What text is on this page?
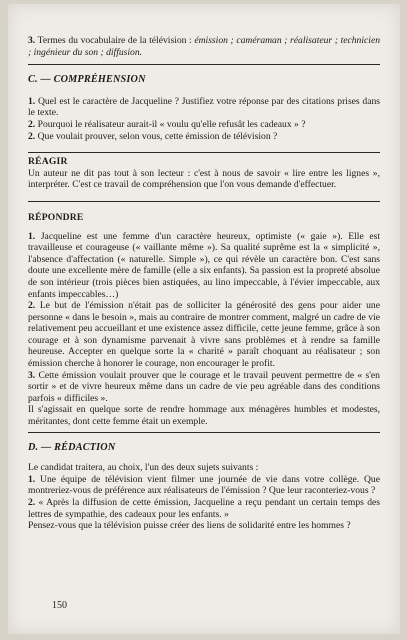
3. Termes du vocabulaire de la télévision : émission ; caméraman ; réalisateur ; technicien ; ingénieur du son ; diffusion.

C. — COMPRÉHENSION

1. Quel est le caractère de Jacqueline ? Justifiez votre réponse par des citations prises dans le texte.

2. Pourquoi le réalisateur aurait-il « voulu qu'elle refusât les cadeaux » ?

2. Que voulait prouver, selon vous, cette émission de télévision ?

RÉAGIR

Un auteur ne dit pas tout à son lecteur : c'est à nous de savoir « lire entre les lignes », interpréter. C'est ce travail de compréhension que l'on vous demande d'effectuer.

RÉPONDRE

1. Jacqueline est une femme d'un caractère heureux, optimiste (« gaie »). Elle est travailleuse et courageuse (« vaillante même »). Sa qualité suprême est la « simplicité », l'absence d'affectation (« naturelle. Simple »), ce qui révèle un caractère bon. C'est sans doute une excellente mère de famille (elle a six enfants). Sa passion est la propreté absolue de son intérieur (trois pièces bien astiquées, au lino impeccable, à l'évier impeccable, aux enfants impeccables…)

2. Le but de l'émission n'était pas de solliciter la générosité des gens pour aider une personne « dans le besoin », mais au contraire de montrer comment, malgré un cadre de vie relativement peu accueillant et une existence assez difficile, cette jeune femme, grâce à son courage et à son dynamisme parvenait à vivre sans problèmes et à rendre sa famille heureuse. Accepter en quelque sorte la « charité » paraît choquant au réalisateur ; son émission cherche à honorer le courage, non encourager le profit.

3. Cette émission voulait prouver que le courage et le travail peuvent permettre de « s'en sortir » et de vivre heureux même dans un cadre de vie peu agréable dans des conditions parfois « difficiles ».

Il s'agissait en quelque sorte de rendre hommage aux ménagères humbles et modestes, méritantes, dont cette femme était un exemple.

D. — RÉDACTION

Le candidat traitera, au choix, l'un des deux sujets suivants :

1. Une équipe de télévision vient filmer une journée de vie dans votre collège. Que montreriez-vous de préférence aux réalisateurs de l'émission ? Que leur raconteriez-vous ?

2. « Après la diffusion de cette émission, Jacqueline a reçu pendant un certain temps des lettres de sympathie, des cadeaux pour les enfants. »

Pensez-vous que la télévision puisse créer des liens de solidarité entre les hommes ?

150
